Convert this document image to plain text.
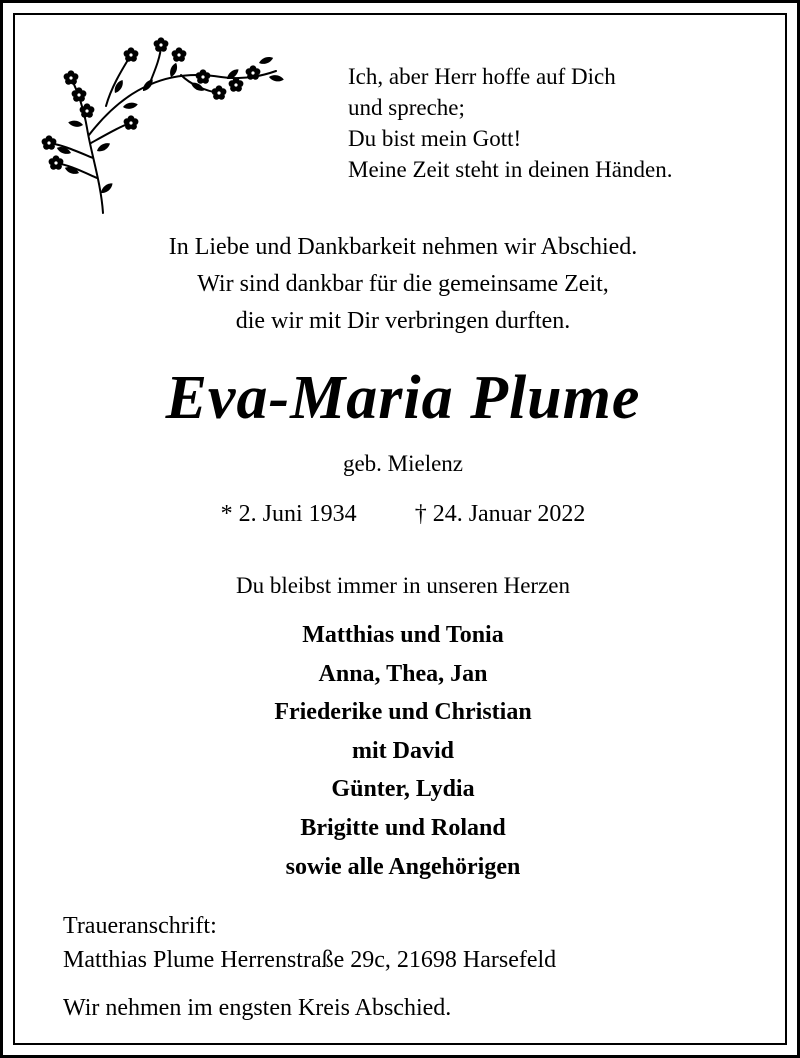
Ich, aber Herr hoffe auf Dich
und spreche;
Du bist mein Gott!
Meine Zeit steht in deinen Händen.
In Liebe und Dankbarkeit nehmen wir Abschied.
Wir sind dankbar für die gemeinsame Zeit,
die wir mit Dir verbringen durften.
Eva-Maria Plume
geb. Mielenz
* 2. Juni 1934 † 24. Januar 2022
Du bleibst immer in unseren Herzen
Matthias und Tonia
Anna, Thea, Jan
Friederike und Christian
mit David
Günter, Lydia
Brigitte und Roland
sowie alle Angehörigen
Traueranschrift:
Matthias Plume Herrenstraße 29c, 21698 Harsefeld
Wir nehmen im engsten Kreis Abschied.
